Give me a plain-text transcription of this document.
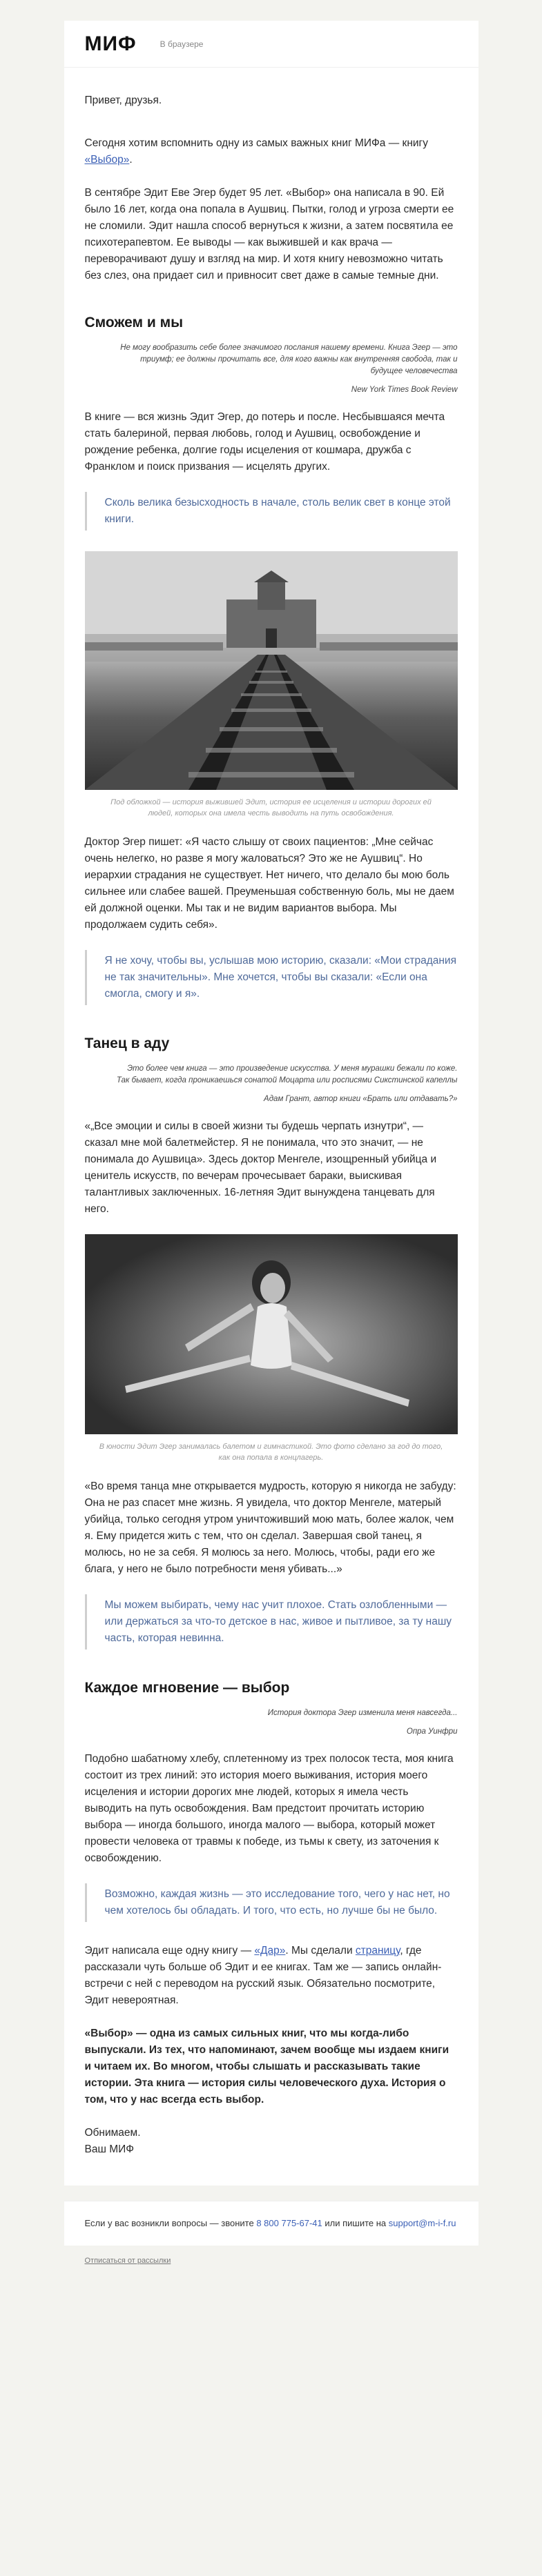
МИФ	В браузере

Привет, друзья.

Сегодня хотим вспомнить одну из самых важных книг МИФа — книгу «Выбор».

В сентябре Эдит Еве Эгер будет 95 лет. «Выбор» она написала в 90. Ей было 16 лет, когда она попала в Аушвиц. Пытки, голод и угроза смерти ее не сломили. Эдит нашла способ вернуться к жизни, а затем посвятила ее психотерапевтом. Ее выводы — как выжившей и как врача — переворачивают душу и взгляд на мир. И хотя книгу невозможно читать без слез, она придает сил и привносит свет даже в самые темные дни.

Сможем и мы

Не могу вообразить себе более значимого послания нашему времени. Книга Эгер — это триумф; ее должны прочитать все, для кого важны как внутренняя свобода, так и будущее человечества

New York Times Book Review

В книге — вся жизнь Эдит Эгер, до потерь и после. Несбывшаяся мечта стать балериной, первая любовь, голод и Аушвиц, освобождение и рождение ребенка, долгие годы исцеления от кошмара, дружба с Франклом и поиск призвания — исцелять других.

Сколь велика безысходность в начале, столь велик свет в конце этой книги.

Под обложкой — история выжившей Эдит, история ее исцеления и истории дорогих ей людей, которых она имела честь выводить на путь освобождения.

Доктор Эгер пишет: «Я часто слышу от своих пациентов: „Мне сейчас очень нелегко, но разве я могу жаловаться? Это же не Аушвиц“. Но иерархии страдания не существует. Нет ничего, что делало бы мою боль сильнее или слабее вашей. Преуменьшая собственную боль, мы не даем ей должной оценки. Мы так и не видим вариантов выбора. Мы продолжаем судить себя».

Я не хочу, чтобы вы, услышав мою историю, сказали: «Мои страдания не так значительны». Мне хочется, чтобы вы сказали: «Если она смогла, смогу и я».
Танец в аду

Это более чем книга — это произведение искусства. У меня мурашки бежали по коже. Так бывает, когда проникаешься сонатой Моцарта или росписями Сикстинской капеллы

Адам Грант, автор книги «Брать или отдавать?»

«„Все эмоции и силы в своей жизни ты будешь черпать изнутри“, — сказал мне мой балетмейстер. Я не понимала, что это значит, — не понимала до Аушвица». Здесь доктор Менгеле, изощренный убийца и ценитель искусств, по вечерам прочесывает бараки, выискивая талантливых заключенных. 16-летняя Эдит вынуждена танцевать для него.

В юности Эдит Эгер занималась балетом и гимнастикой. Это фото сделано за год до того, как она попала в концлагерь.

«Во время танца мне открывается мудрость, которую я никогда не забуду: Она не раз спасет мне жизнь. Я увидела, что доктор Менгеле, матерый убийца, только сегодня утром уничтоживший мою мать, более жалок, чем я. Ему придется жить с тем, что он сделал. Завершая свой танец, я молюсь, но не за себя. Я молюсь за него. Молюсь, чтобы, ради его же блага, у него не было потребности меня убивать...»

Мы можем выбирать, чему нас учит плохое. Стать озлобленными — или держаться за что-то детское в нас, живое и пытливое, за ту нашу часть, которая невинна.
Каждое мгновение — выбор

История доктора Эгер изменила меня навсегда...

Опра Уинфри

Подобно шабатному хлебу, сплетенному из трех полосок теста, моя книга состоит из трех линий: это история моего выживания, история моего исцеления и истории дорогих мне людей, которых я имела честь выводить на путь освобождения. Вам предстоит прочитать историю выбора — иногда большого, иногда малого — выбора, который может провести человека от травмы к победе, из тьмы к свету, из заточения к освобождению.

Возможно, каждая жизнь — это исследование того, чего у нас нет, но чем хотелось бы обладать. И того, что есть, но лучше бы не было.

Эдит написала еще одну книгу — «Дар». Мы сделали страницу, где рассказали чуть больше об Эдит и ее книгах. Там же — запись онлайн-встречи с ней с переводом на русский язык. Обязательно посмотрите, Эдит невероятная.

«Выбор» — одна из самых сильных книг, что мы когда-либо выпускали. Из тех, что напоминают, зачем вообще мы издаем книги и читаем их. Во многом, чтобы слышать и рассказывать такие истории. Эта книга — история силы человеческого духа. История о том, что у нас всегда есть выбор.

Обнимаем.
Ваш МИФ

Если у вас возникли вопросы — звоните 8 800 775-67-41 или пишите на support@m-i-f.ru

Отписаться от рассылки
